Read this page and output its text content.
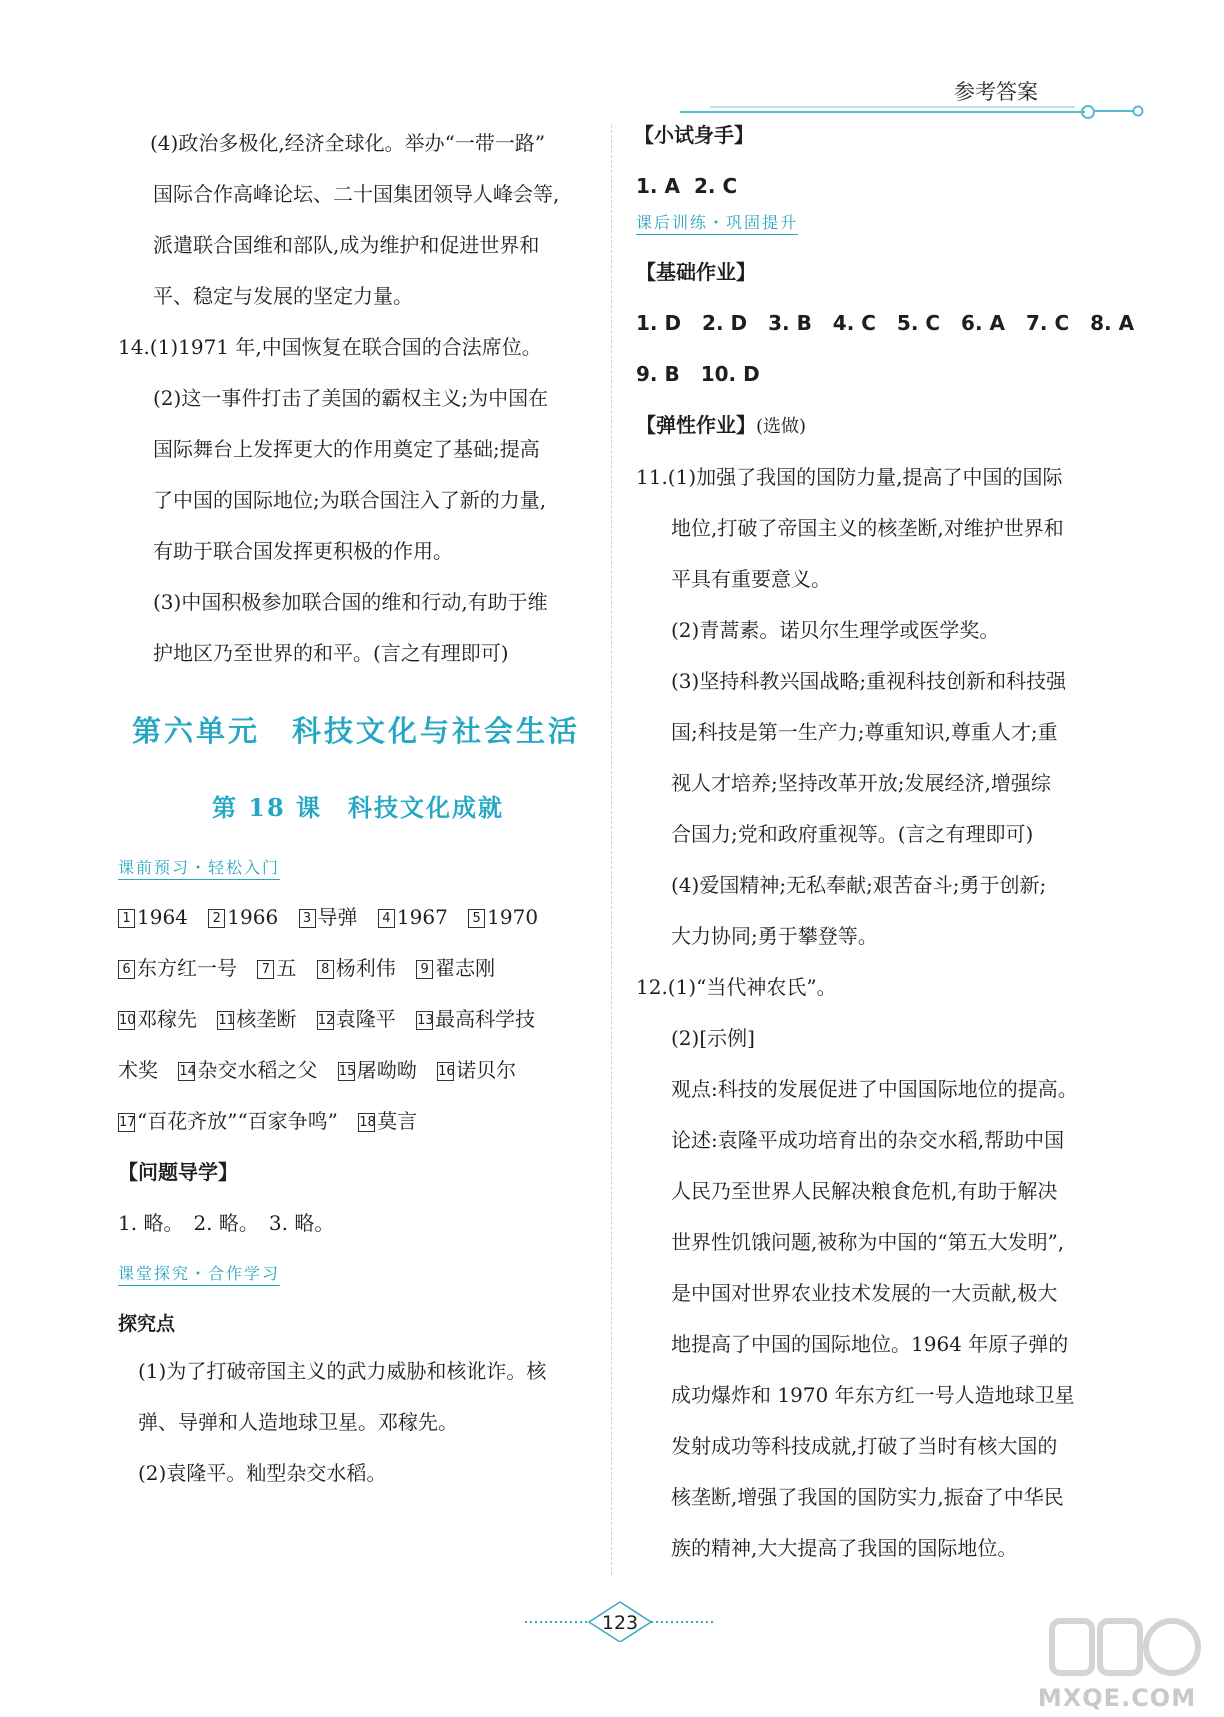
参考答案

(4)政治多极化,经济全球化。举办“一带一路”

国际合作高峰论坛、二十国集团领导人峰会等,

派遣联合国维和部队,成为维护和促进世界和

平、稳定与发展的坚定力量。

14.(1)1971 年,中国恢复在联合国的合法席位。

(2)这一事件打击了美国的霸权主义;为中国在

国际舞台上发挥更大的作用奠定了基础;提高

了中国的国际地位;为联合国注入了新的力量,

有助于联合国发挥更积极的作用。

(3)中国积极参加联合国的维和行动,有助于维

护地区乃至世界的和平。(言之有理即可)

第六单元　科技文化与社会生活
第 18 课　科技文化成就
课前预习・轻松入门

1 1964 2 1966 3 导弹 4 1967 5 1970

6 东方红一号 7 五 8 杨利伟 9 翟志刚

10邓稼先 11核垄断 12袁隆平 13最高科学技

术奖 14杂交水稻之父 15屠呦呦 16诺贝尔

17“百花齐放”“百家争鸣” 18莫言

【问题导学】

1. 略。　2. 略。　3. 略。

课堂探究・合作学习

探究点

(1)为了打破帝国主义的武力威胁和核讹诈。核

弹、导弹和人造地球卫星。邓稼先。

(2)袁隆平。籼型杂交水稻。

【小试身手】

1. A 2. C

课后训练・巩固提升

【基础作业】

1. D 2. D 3. B 4. C 5. C 6. A 7. C 8. A

9. B 10. D

【弹性作业】(选做)

11.(1)加强了我国的国防力量,提高了中国的国际

地位,打破了帝国主义的核垄断,对维护世界和

平具有重要意义。

(2)青蒿素。诺贝尔生理学或医学奖。

(3)坚持科教兴国战略;重视科技创新和科技强

国;科技是第一生产力;尊重知识,尊重人才;重

视人才培养;坚持改革开放;发展经济,增强综

合国力;党和政府重视等。(言之有理即可)

(4)爱国精神;无私奉献;艰苦奋斗;勇于创新;

大力协同;勇于攀登等。

12.(1)“当代神农氏”。

(2)[示例]

观点:科技的发展促进了中国国际地位的提高。

论述:袁隆平成功培育出的杂交水稻,帮助中国

人民乃至世界人民解决粮食危机,有助于解决

世界性饥饿问题,被称为中国的“第五大发明”,

是中国对世界农业技术发展的一大贡献,极大

地提高了中国的国际地位。1964 年原子弹的

成功爆炸和 1970 年东方红一号人造地球卫星

发射成功等科技成就,打破了当时有核大国的

核垄断,增强了我国的国防实力,振奋了中华民

族的精神,大大提高了我国的国际地位。

123
MXQE.COM
